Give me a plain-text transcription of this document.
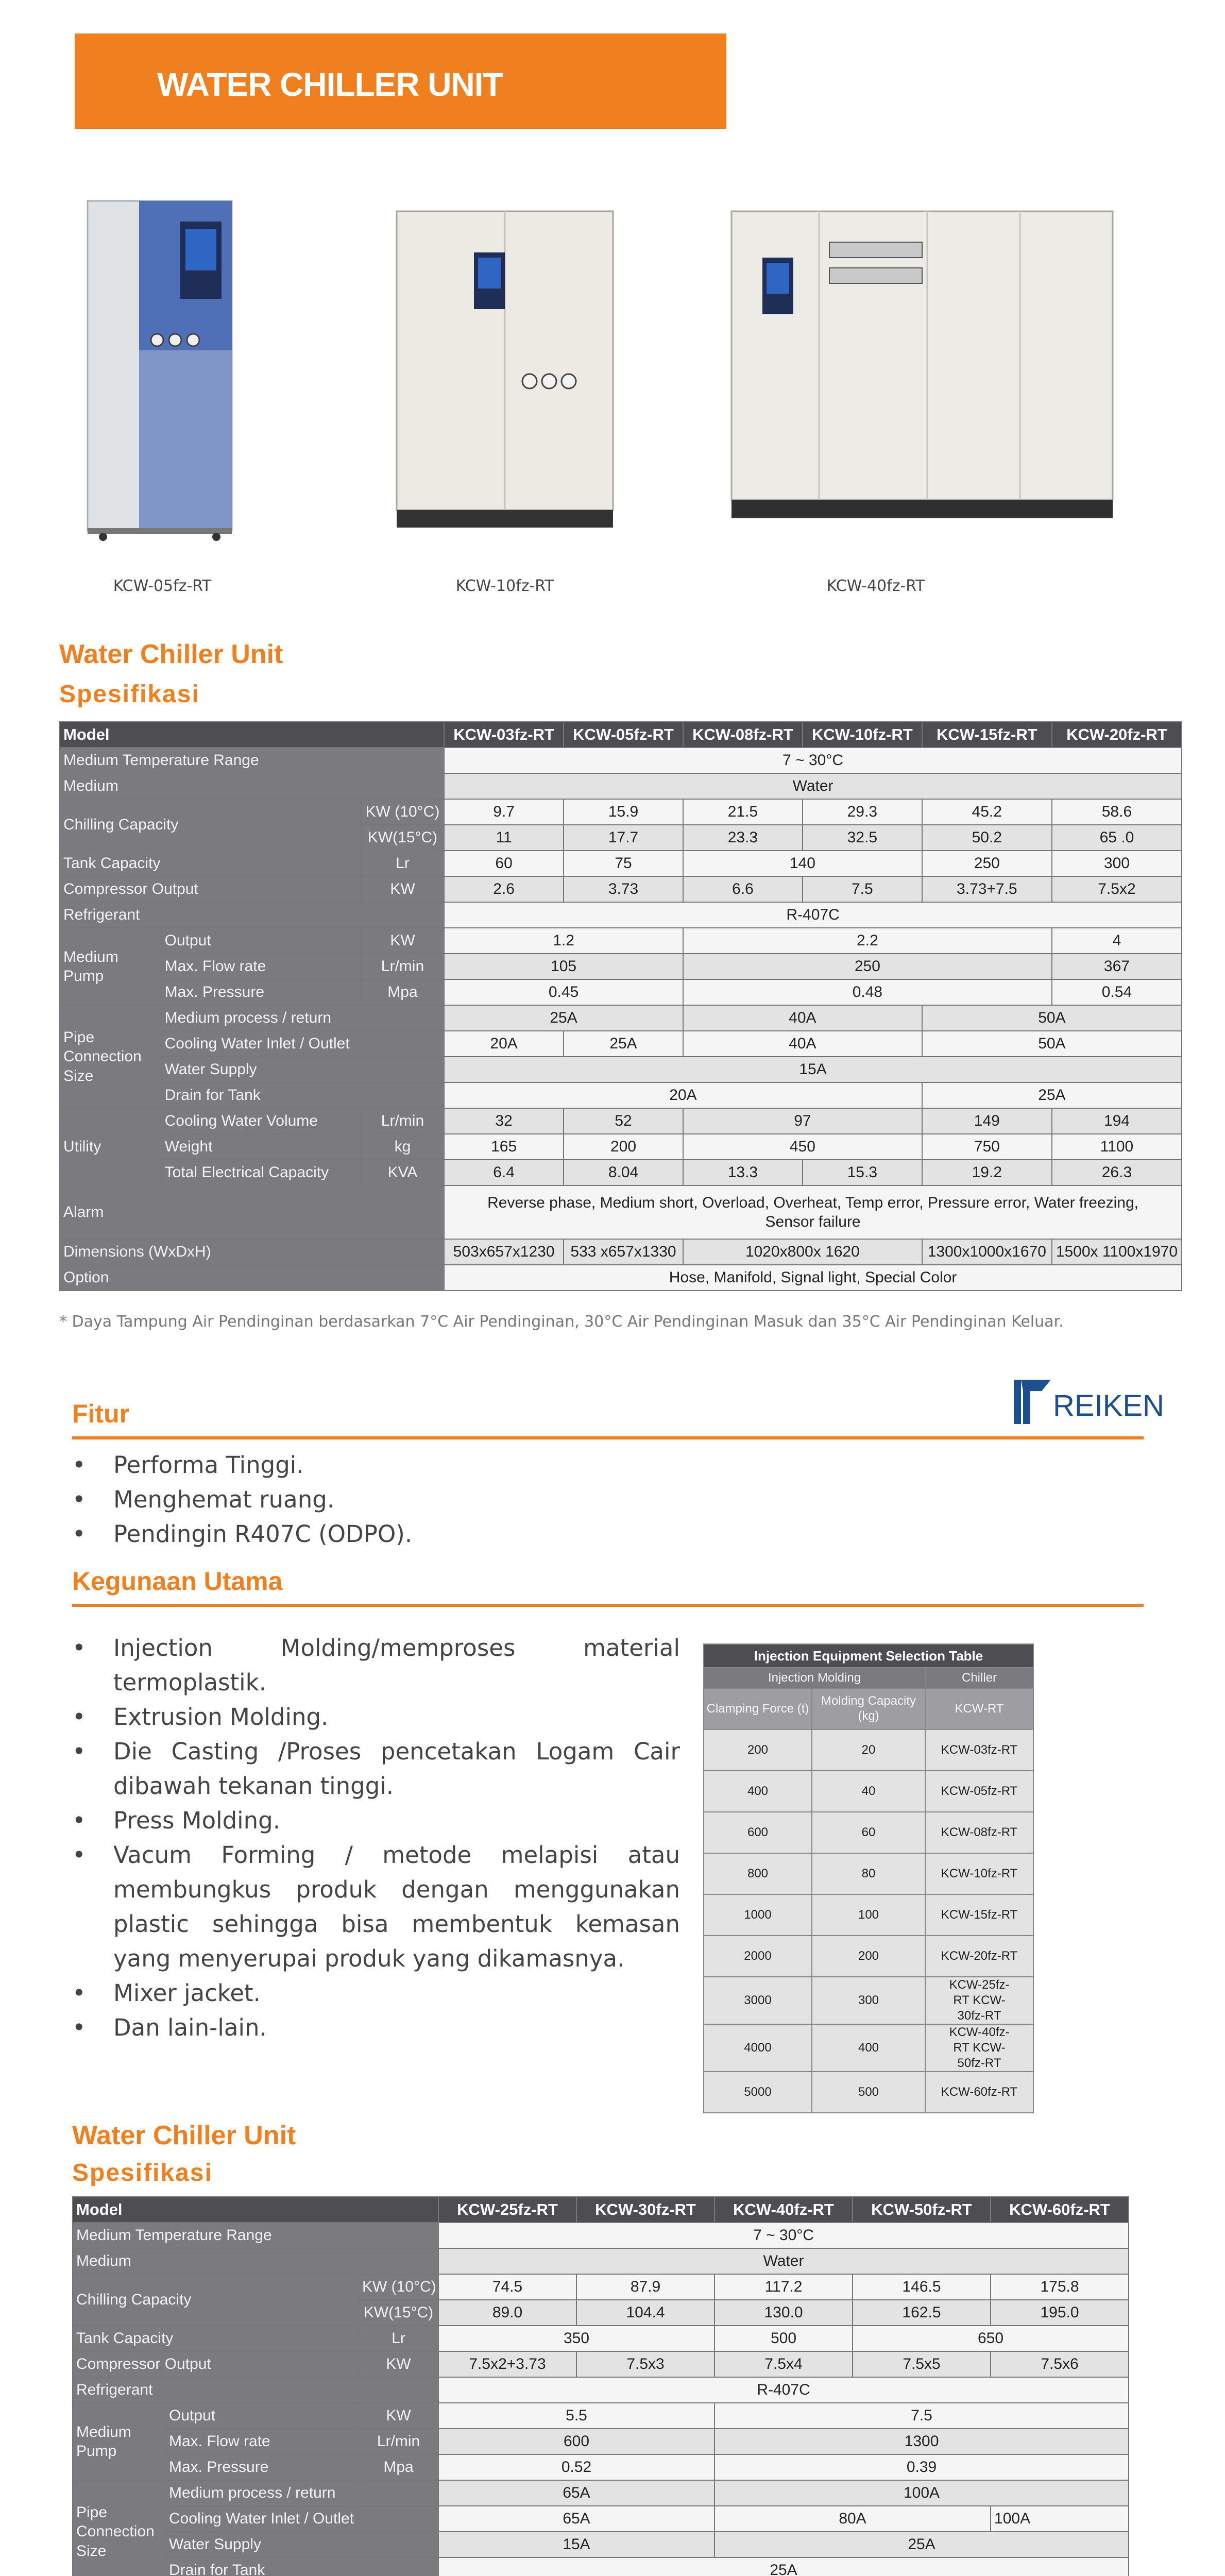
WATER CHILLER UNIT
KCW-05fz-RT	KCW-10fz-RT	KCW-40fz-RT
Water Chiller Unit
Spesifikasi
Model			KCW-03fz-RT	KCW-05fz-RT	KCW-08fz-RT	KCW-10fz-RT	KCW-15fz-RT	KCW-20fz-RT
Medium Temperature Range			7 ~ 30°C					
Medium			Water					
Chilling Capacity		KW (10°C)	9.7	15.9	21.5	29.3	45.2	58.6
		KW(15°C)	11	17.7	23.3	32.5	50.2	65 .0
Tank Capacity		Lr	60	75	140		250	300
Compressor Output		KW	2.6	3.73	6.6	7.5	3.73+7.5	7.5x2
Refrigerant			R-407C					
Medium Pump	Output	KW	1.2		2.2			4
	Max. Flow rate	Lr/min	105		250			367
	Max. Pressure	Mpa	0.45		0.48			0.54
Pipe Connection Size	Medium process / return		25A		40A		50A	
	Cooling Water Inlet / Outlet		20A	25A	40A		50A	
	Water Supply		15A					
	Drain for Tank		20A				25A	
Utility	Cooling Water Volume	Lr/min	32	52	97		149	194
	Weight	kg	165	200	450		750	1100
	Total Electrical Capacity	KVA	6.4	8.04	13.3	15.3	19.2	26.3
Alarm			Reverse phase, Medium short, Overload, Overheat, Temp error, Pressure error, Water freezing, Sensor failure					
Dimensions (WxDxH)			503x657x1230	533 x657x1330	1020x800x 1620		1300x1000x1670	1500x 1100x1970
Option			Hose, Manifold, Signal light, Special Color					
* Daya Tampung Air Pendinginan berdasarkan 7°C Air Pendinginan, 30°C Air Pendinginan Masuk dan 35°C Air Pendinginan Keluar.
REIKEN
Fitur
• Performa Tinggi.
• Menghemat ruang.
• Pendingin R407C (ODPO).
Kegunaan Utama
• Injection Molding/memproses material termoplastik.
• Extrusion Molding.
• Die Casting /Proses pencetakan Logam Cair dibawah tekanan tinggi.
• Press Molding.
• Vacum Forming / metode melapisi atau membungkus produk dengan menggunakan plastic sehingga bisa membentuk kemasan yang menyerupai produk yang dikamasnya.
• Mixer jacket.
• Dan lain-lain.
Injection Equipment Selection Table		
Injection Molding		Chiller
Clamping Force (t)	Molding Capacity (kg)	KCW-RT
200	20	KCW-03fz-RT
400	40	KCW-05fz-RT
600	60	KCW-08fz-RT
800	80	KCW-10fz-RT
1000	100	KCW-15fz-RT
2000	200	KCW-20fz-RT
3000	300	KCW-25fz-RT KCW-30fz-RT
4000	400	KCW-40fz-RT KCW-50fz-RT
5000	500	KCW-60fz-RT
Water Chiller Unit
Spesifikasi
Model			KCW-25fz-RT	KCW-30fz-RT	KCW-40fz-RT	KCW-50fz-RT	KCW-60fz-RT
Medium Temperature Range			7 ~ 30°C				
Medium			Water				
Chilling Capacity		KW (10°C)	74.5	87.9	117.2	146.5	175.8
		KW(15°C)	89.0	104.4	130.0	162.5	195.0
Tank Capacity		Lr	350		500	650	
Compressor Output		KW	7.5x2+3.73	7.5x3	7.5x4	7.5x5	7.5x6
Refrigerant			R-407C				
Medium Pump	Output	KW	5.5		7.5		
	Max. Flow rate	Lr/min	600		1300		
	Max. Pressure	Mpa	0.52		0.39		
Pipe Connection Size	Medium process / return		65A		100A		
	Cooling Water Inlet / Outlet		65A		80A		100A
	Water Supply		15A		25A		
	Drain for Tank		25A				
